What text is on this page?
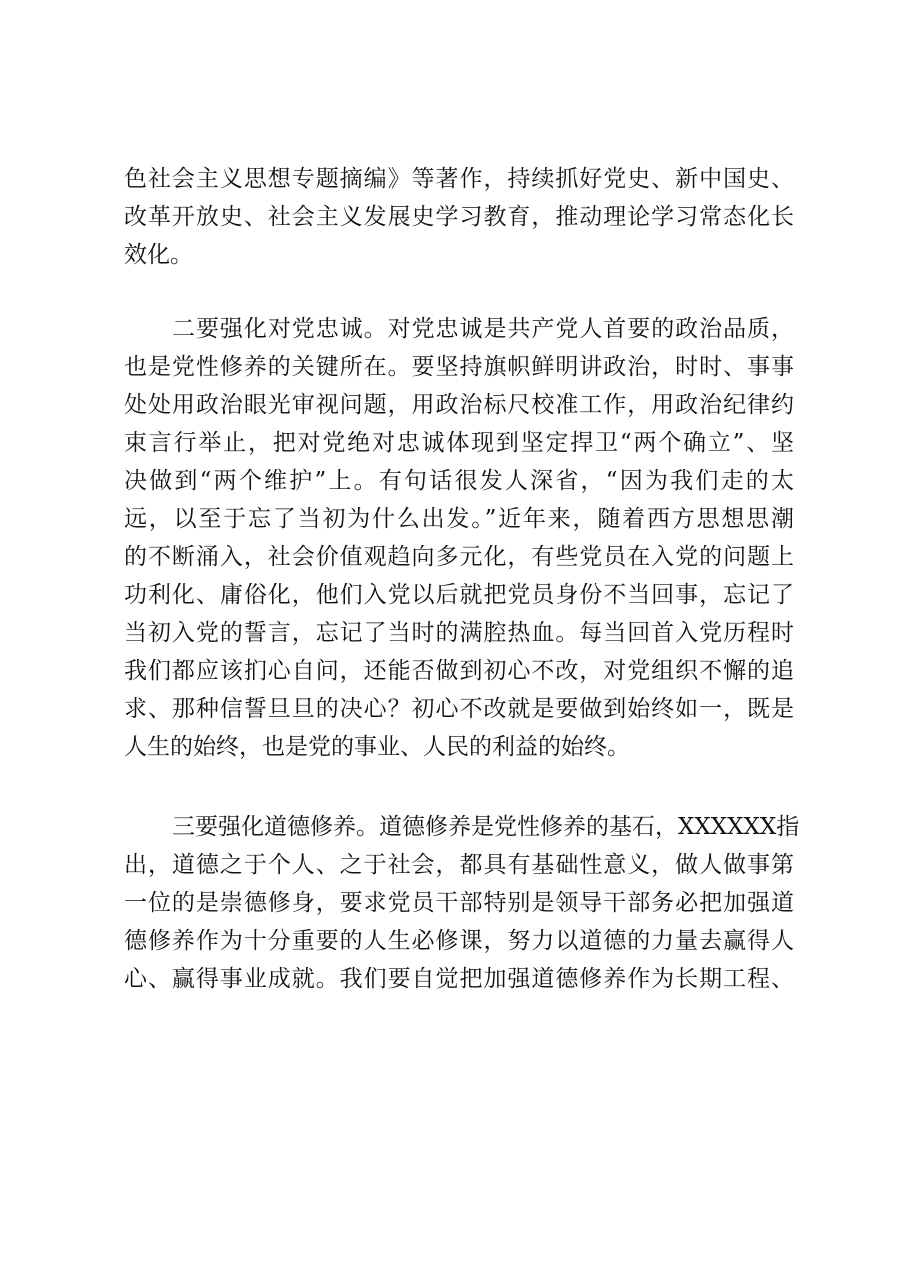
色社会主义思想专题摘编》等著作，持续抓好党史、新中国史、
改革开放史、社会主义发展史学习教育，推动理论学习常态化长
效化。
二要强化对党忠诚。对党忠诚是共产党人首要的政治品质，
也是党性修养的关键所在。要坚持旗帜鲜明讲政治，时时、事事
处处用政治眼光审视问题，用政治标尺校准工作，用政治纪律约
束言行举止，把对党绝对忠诚体现到坚定捍卫“两个确立”、坚
决做到“两个维护”上。有句话很发人深省，“因为我们走的太
远，以至于忘了当初为什么出发。”近年来，随着西方思想思潮
的不断涌入，社会价值观趋向多元化，有些党员在入党的问题上
功利化、庸俗化，他们入党以后就把党员身份不当回事，忘记了
当初入党的誓言，忘记了当时的满腔热血。每当回首入党历程时
我们都应该扪心自问，还能否做到初心不改，对党组织不懈的追
求、那种信誓旦旦的决心？初心不改就是要做到始终如一，既是
人生的始终，也是党的事业、人民的利益的始终。
三要强化道德修养。道德修养是党性修养的基石，XXXXXX指
出，道德之于个人、之于社会，都具有基础性意义，做人做事第
一位的是崇德修身，要求党员干部特别是领导干部务必把加强道
德修养作为十分重要的人生必修课，努力以道德的力量去赢得人
心、赢得事业成就。我们要自觉把加强道德修养作为长期工程、
